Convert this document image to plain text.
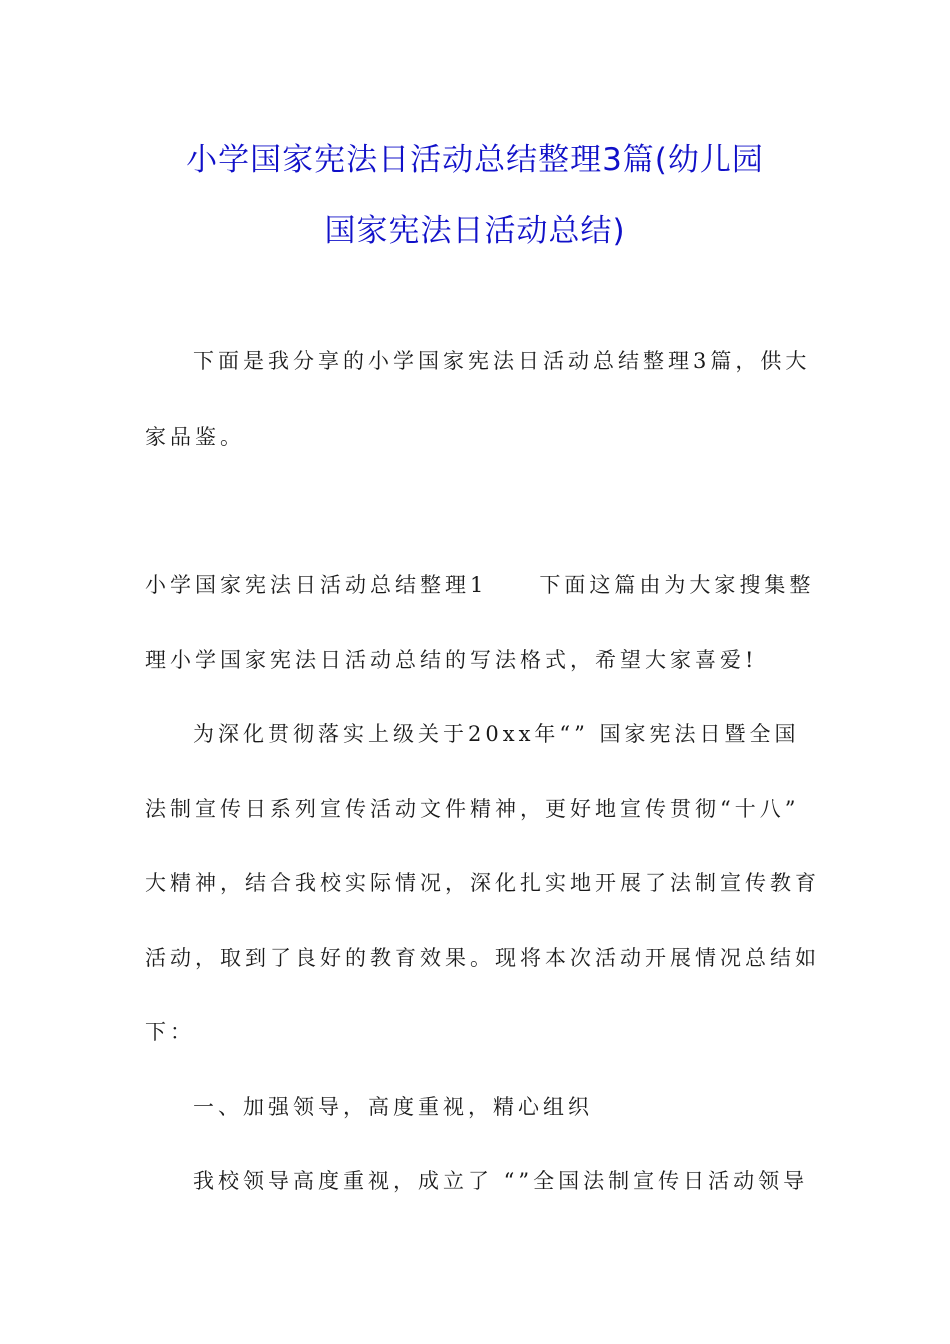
小学国家宪法日活动总结整理3篇(幼儿园
国家宪法日活动总结)
下面是我分享的小学国家宪法日活动总结整理3篇，供大
家品鉴。
小学国家宪法日活动总结整理1 下面这篇由为大家搜集整
理小学国家宪法日活动总结的写法格式，希望大家喜爱!
为深化贯彻落实上级关于20xx年“” 国家宪法日暨全国
法制宣传日系列宣传活动文件精神，更好地宣传贯彻“十八”
大精神，结合我校实际情况，深化扎实地开展了法制宣传教育
活动，取到了良好的教育效果。现将本次活动开展情况总结如
下：
一、加强领导，高度重视，精心组织
我校领导高度重视，成立了 “”全国法制宣传日活动领导
